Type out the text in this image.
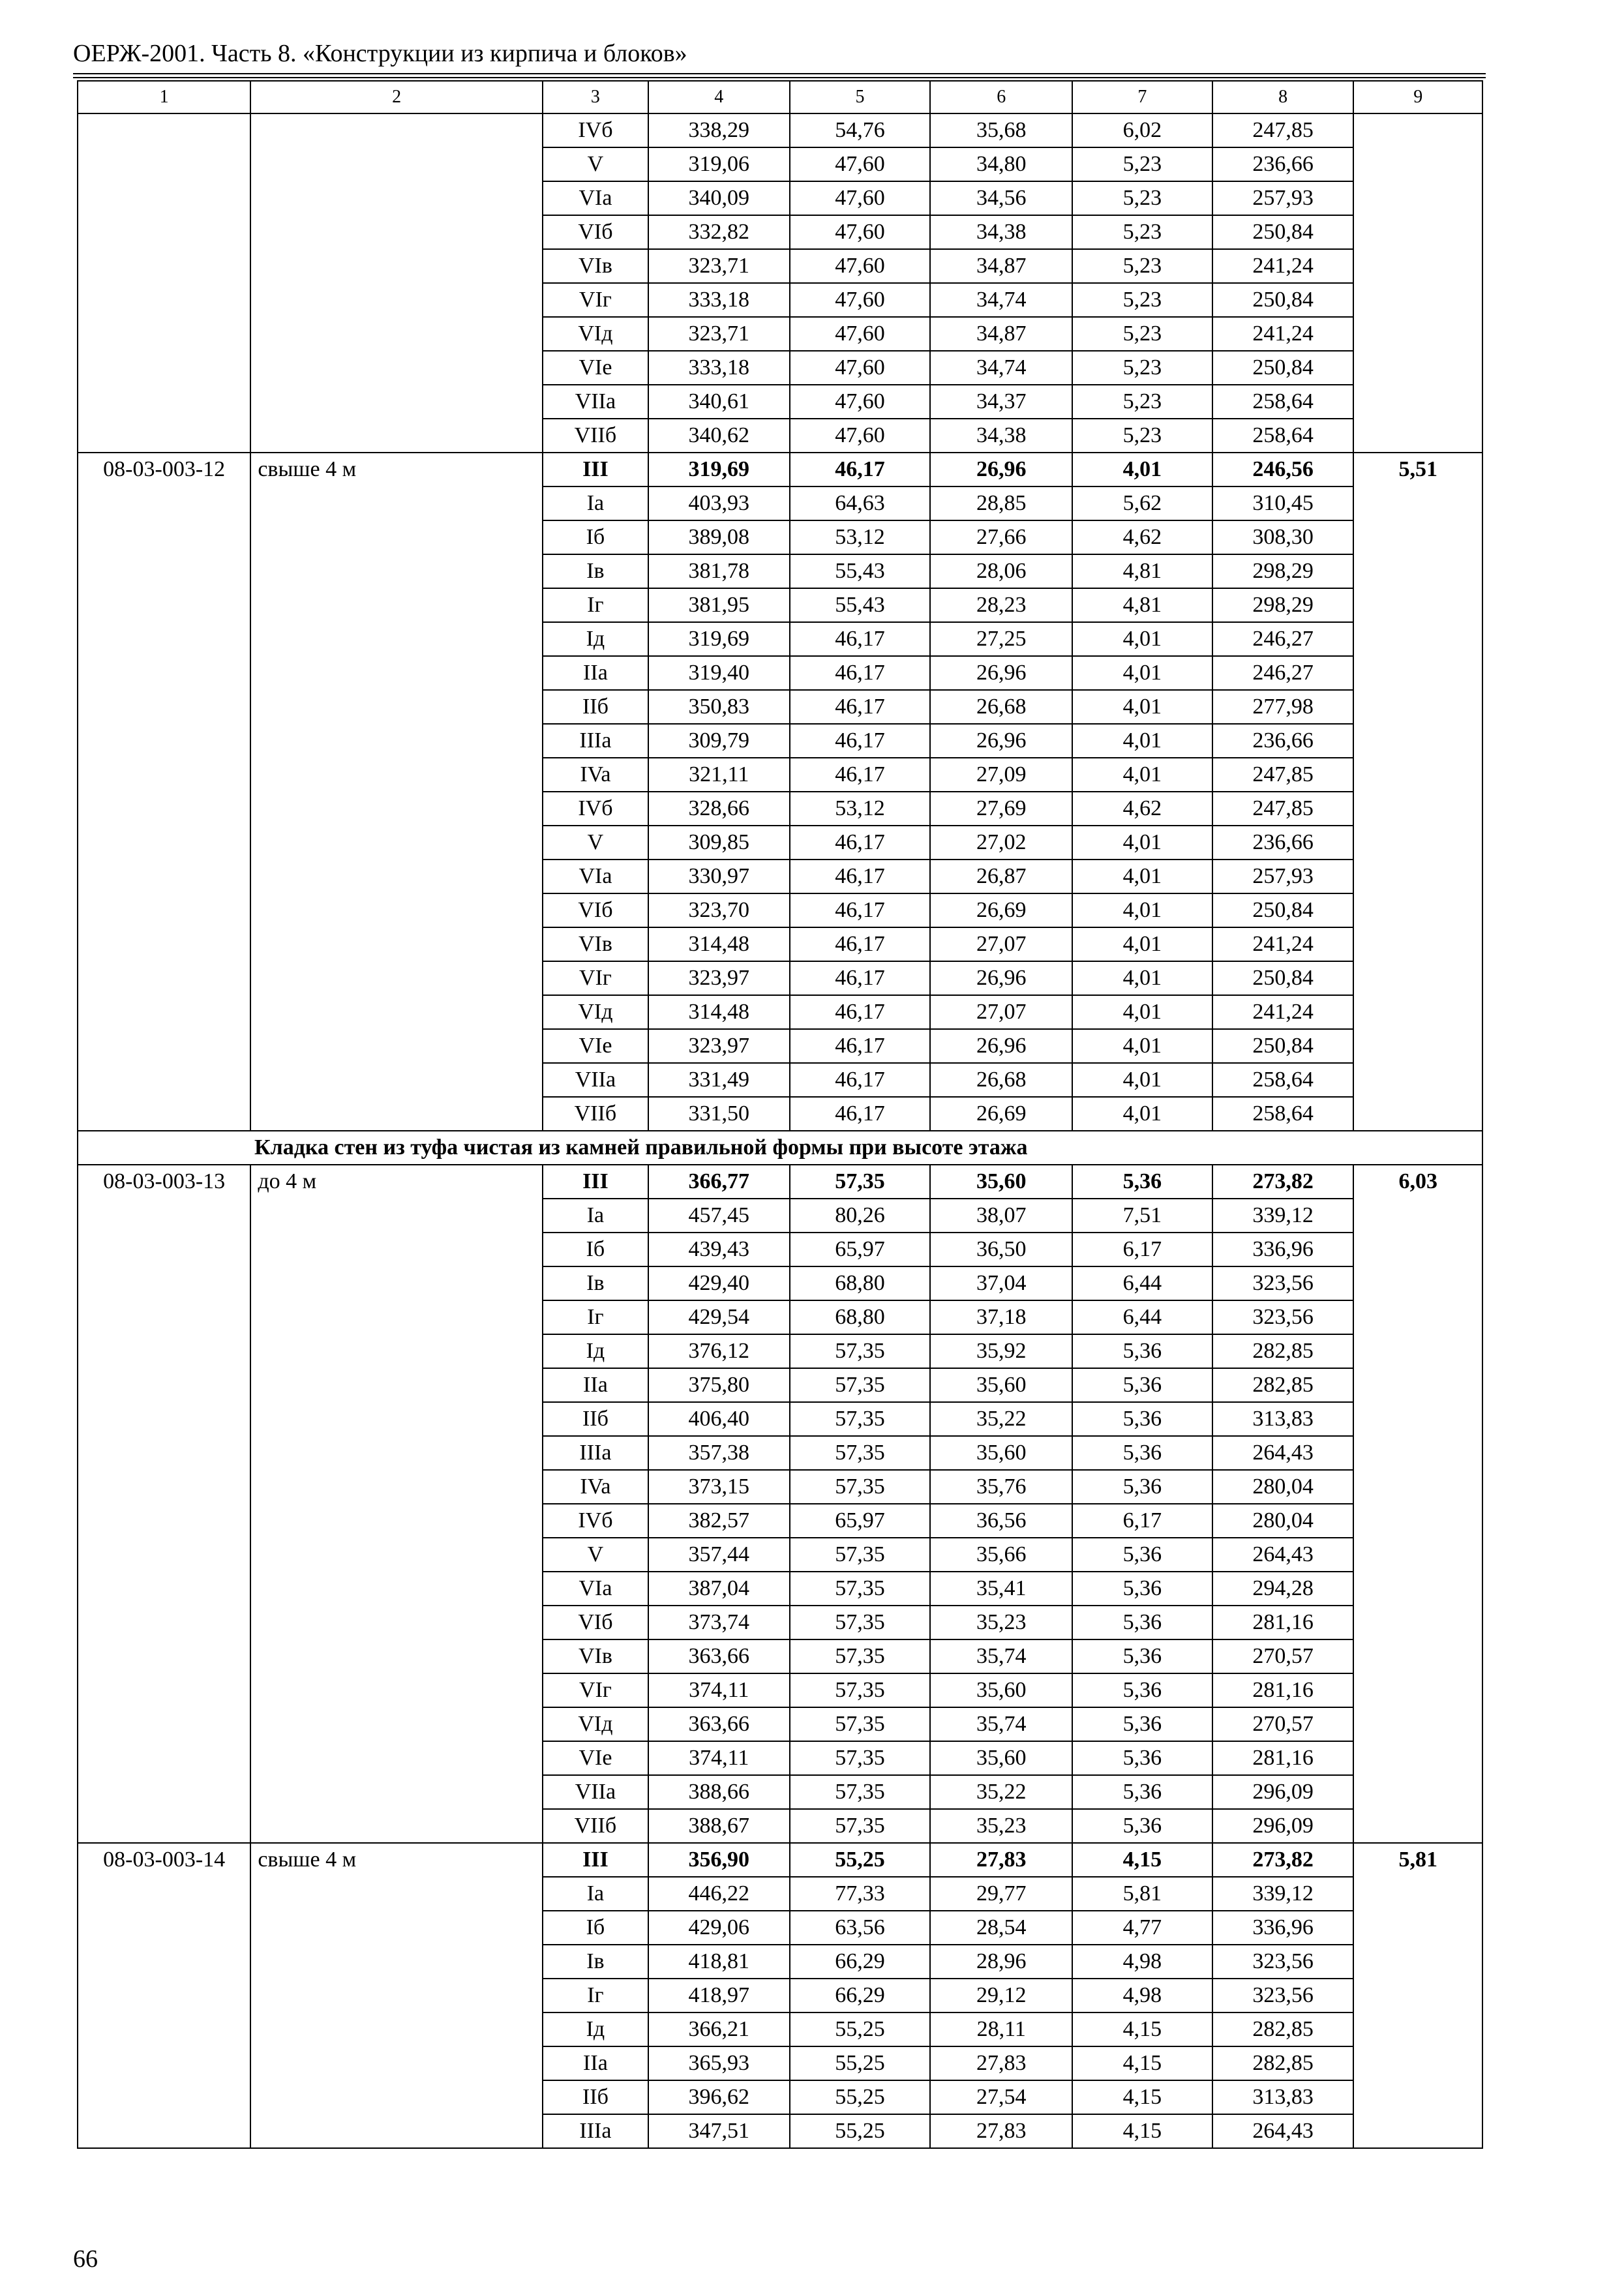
ОЕРЖ-2001. Часть 8. «Конструкции из кирпича и блоков»
1	2	3	4	5	6	7	8	9
		IVб	338,29	54,76	35,68	6,02	247,85	
		V	319,06	47,60	34,80	5,23	236,66	
		VIa	340,09	47,60	34,56	5,23	257,93	
		VIб	332,82	47,60	34,38	5,23	250,84	
		VIв	323,71	47,60	34,87	5,23	241,24	
		VIг	333,18	47,60	34,74	5,23	250,84	
		VIд	323,71	47,60	34,87	5,23	241,24	
		VIe	333,18	47,60	34,74	5,23	250,84	
		VIIa	340,61	47,60	34,37	5,23	258,64	
		VIIб	340,62	47,60	34,38	5,23	258,64	
08-03-003-12	свыше 4 м	III	319,69	46,17	26,96	4,01	246,56	5,51
		Ia	403,93	64,63	28,85	5,62	310,45	
		Iб	389,08	53,12	27,66	4,62	308,30	
		Iв	381,78	55,43	28,06	4,81	298,29	
		Iг	381,95	55,43	28,23	4,81	298,29	
		Iд	319,69	46,17	27,25	4,01	246,27	
		IIa	319,40	46,17	26,96	4,01	246,27	
		IIб	350,83	46,17	26,68	4,01	277,98	
		IIIa	309,79	46,17	26,96	4,01	236,66	
		IVa	321,11	46,17	27,09	4,01	247,85	
		IVб	328,66	53,12	27,69	4,62	247,85	
		V	309,85	46,17	27,02	4,01	236,66	
		VIa	330,97	46,17	26,87	4,01	257,93	
		VIб	323,70	46,17	26,69	4,01	250,84	
		VIв	314,48	46,17	27,07	4,01	241,24	
		VIг	323,97	46,17	26,96	4,01	250,84	
		VIд	314,48	46,17	27,07	4,01	241,24	
		VIe	323,97	46,17	26,96	4,01	250,84	
		VIIa	331,49	46,17	26,68	4,01	258,64	
		VIIб	331,50	46,17	26,69	4,01	258,64	
Кладка стен из туфа чистая из камней правильной формы при высоте этажа								
08-03-003-13	до 4 м	III	366,77	57,35	35,60	5,36	273,82	6,03
		Ia	457,45	80,26	38,07	7,51	339,12	
		Iб	439,43	65,97	36,50	6,17	336,96	
		Iв	429,40	68,80	37,04	6,44	323,56	
		Iг	429,54	68,80	37,18	6,44	323,56	
		Iд	376,12	57,35	35,92	5,36	282,85	
		IIa	375,80	57,35	35,60	5,36	282,85	
		IIб	406,40	57,35	35,22	5,36	313,83	
		IIIa	357,38	57,35	35,60	5,36	264,43	
		IVa	373,15	57,35	35,76	5,36	280,04	
		IVб	382,57	65,97	36,56	6,17	280,04	
		V	357,44	57,35	35,66	5,36	264,43	
		VIa	387,04	57,35	35,41	5,36	294,28	
		VIб	373,74	57,35	35,23	5,36	281,16	
		VIв	363,66	57,35	35,74	5,36	270,57	
		VIг	374,11	57,35	35,60	5,36	281,16	
		VIд	363,66	57,35	35,74	5,36	270,57	
		VIe	374,11	57,35	35,60	5,36	281,16	
		VIIa	388,66	57,35	35,22	5,36	296,09	
		VIIб	388,67	57,35	35,23	5,36	296,09	
08-03-003-14	свыше 4 м	III	356,90	55,25	27,83	4,15	273,82	5,81
		Ia	446,22	77,33	29,77	5,81	339,12	
		Iб	429,06	63,56	28,54	4,77	336,96	
		Iв	418,81	66,29	28,96	4,98	323,56	
		Iг	418,97	66,29	29,12	4,98	323,56	
		Iд	366,21	55,25	28,11	4,15	282,85	
		IIa	365,93	55,25	27,83	4,15	282,85	
		IIб	396,62	55,25	27,54	4,15	313,83	
		IIIa	347,51	55,25	27,83	4,15	264,43	
66
